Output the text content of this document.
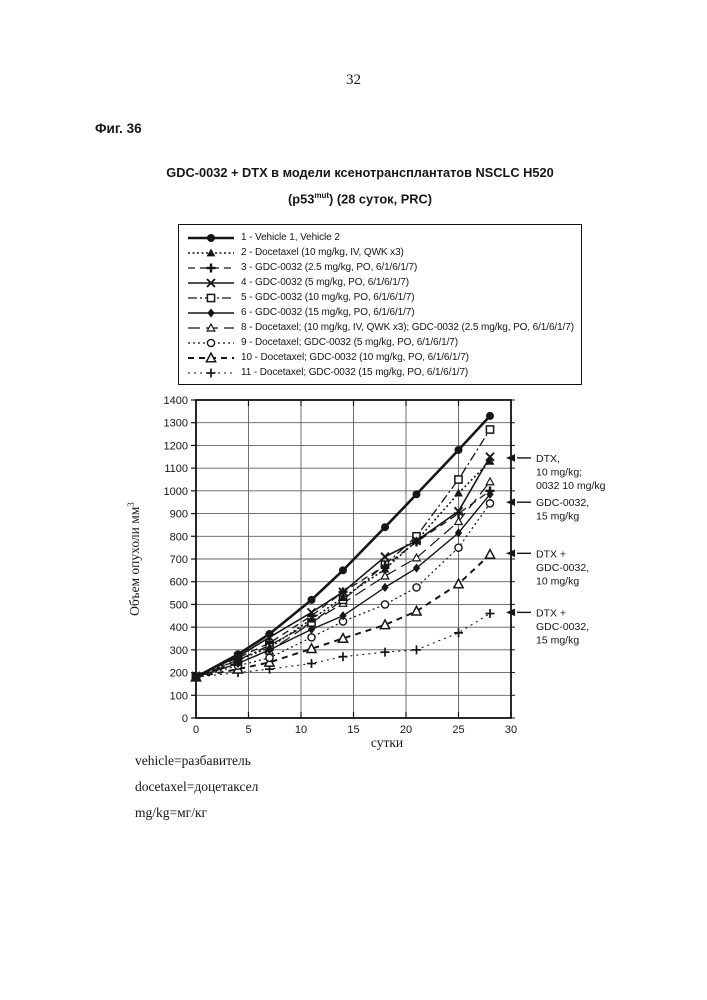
32
Фиг. 36
GDC-0032 + DTX в модели ксенотрансплантатов NSCLC H520
$(p53^{mut})$ (28 суток, PRC)
1 - Vehicle 1, Vehicle 2
2 - Docetaxel (10 mg/kg, IV, QWK x3)
3 - GDC-0032 (2.5 mg/kg, PO, 6/1/6/1/7)
4 - GDC-0032 (5 mg/kg, PO, 6/1/6/1/7)
5 - GDC-0032 (10 mg/kg, PO, 6/1/6/1/7)
6 - GDC-0032 (15 mg/kg, PO, 6/1/6/1/7)
8 - Docetaxel; (10 mg/kg, IV, QWK x3); GDC-0032 (2.5 mg/kg, PO, 6/1/6/1/7)
9 - Docetaxel; GDC-0032 (5 mg/kg, PO, 6/1/6/1/7)
10 - Docetaxel; GDC-0032 (10 mg/kg, PO, 6/1/6/1/7)
11 - Docetaxel; GDC-0032 (15 mg/kg, PO, 6/1/6/1/7)
0	5	10	15	20	25	30
0
100
200
300
400
500
600
700
800
900
1000
1100
1200
1300
1400
сутки
Объем опухоли $мм^3$
DTX,
10 mg/kg;
0032 10 mg/kg
GDC-0032,
15 mg/kg
DTX +
GDC-0032,
10 mg/kg
DTX +
GDC-0032,
15 mg/kg
vehicle=разбавитель
docetaxel=доцетаксел
mg/kg=мг/кг
